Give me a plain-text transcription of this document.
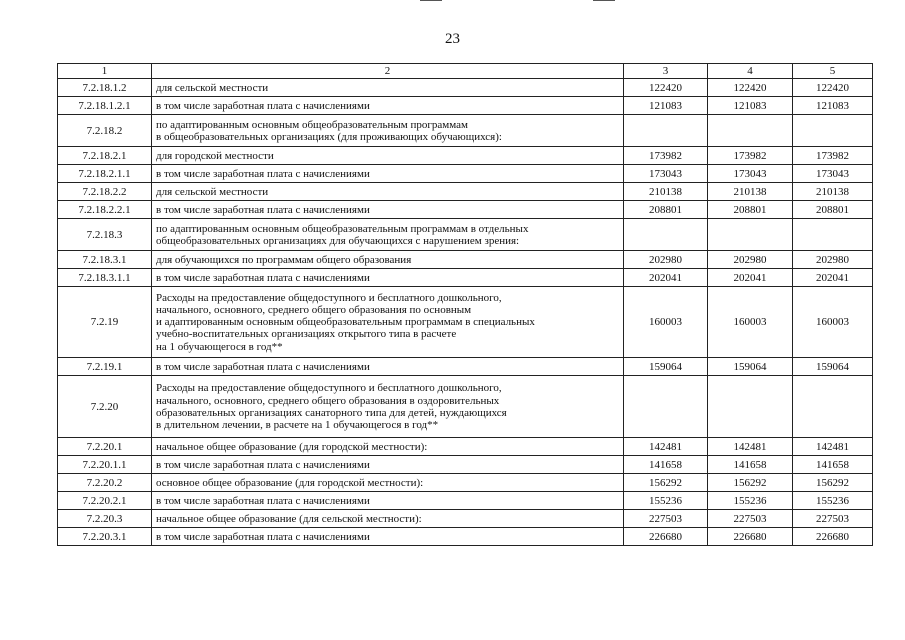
23
1	2	3	4	5
7.2.18.1.2	для сельской местности	122420	122420	122420
7.2.18.1.2.1	в том числе заработная плата с начислениями	121083	121083	121083
7.2.18.2	по адаптированным основным общеобразовательным программам
в общеобразовательных организациях (для проживающих обучающихся):			
7.2.18.2.1	для городской местности	173982	173982	173982
7.2.18.2.1.1	в том числе заработная плата с начислениями	173043	173043	173043
7.2.18.2.2	для сельской местности	210138	210138	210138
7.2.18.2.2.1	в том числе заработная плата с начислениями	208801	208801	208801
7.2.18.3	по адаптированным основным общеобразовательным программам в отдельных
общеобразовательных организациях для обучающихся с нарушением зрения:			
7.2.18.3.1	для обучающихся по программам общего образования	202980	202980	202980
7.2.18.3.1.1	в том числе заработная плата с начислениями	202041	202041	202041
7.2.19	Расходы на предоставление общедоступного и бесплатного дошкольного,
начального, основного, среднего общего образования по основным
и адаптированным основным общеобразовательным программам в специальных
учебно-воспитательных организациях открытого типа в расчете
на 1 обучающегося в год**	160003	160003	160003
7.2.19.1	в том числе заработная плата с начислениями	159064	159064	159064
7.2.20	Расходы на предоставление общедоступного и бесплатного дошкольного,
начального, основного, среднего общего образования в оздоровительных
образовательных организациях санаторного типа для детей, нуждающихся
в длительном лечении, в расчете на 1 обучающегося в год**			
7.2.20.1	начальное общее образование (для городской местности):	142481	142481	142481
7.2.20.1.1	в том числе заработная плата с начислениями	141658	141658	141658
7.2.20.2	основное общее образование (для городской местности):	156292	156292	156292
7.2.20.2.1	в том числе заработная плата с начислениями	155236	155236	155236
7.2.20.3	начальное общее образование (для сельской местности):	227503	227503	227503
7.2.20.3.1	в том числе заработная плата с начислениями	226680	226680	226680
